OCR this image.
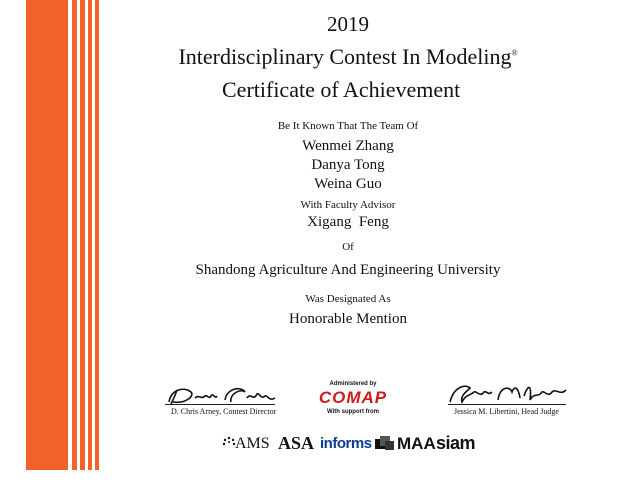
2019
Interdisciplinary Contest In Modeling®
Certificate of Achievement
Be It Known That The Team Of
Wenmei Zhang
Danya Tong
Weina Guo
With Faculty Advisor
Xigang  Feng
Of
Shandong Agriculture And Engineering University
Was Designated As
Honorable Mention
D. Chris Arney, Contest Director
Administered by
COMAP
With support from	Jessica M. Libertini, Head Judge
AMS ASA informs MAA siam
